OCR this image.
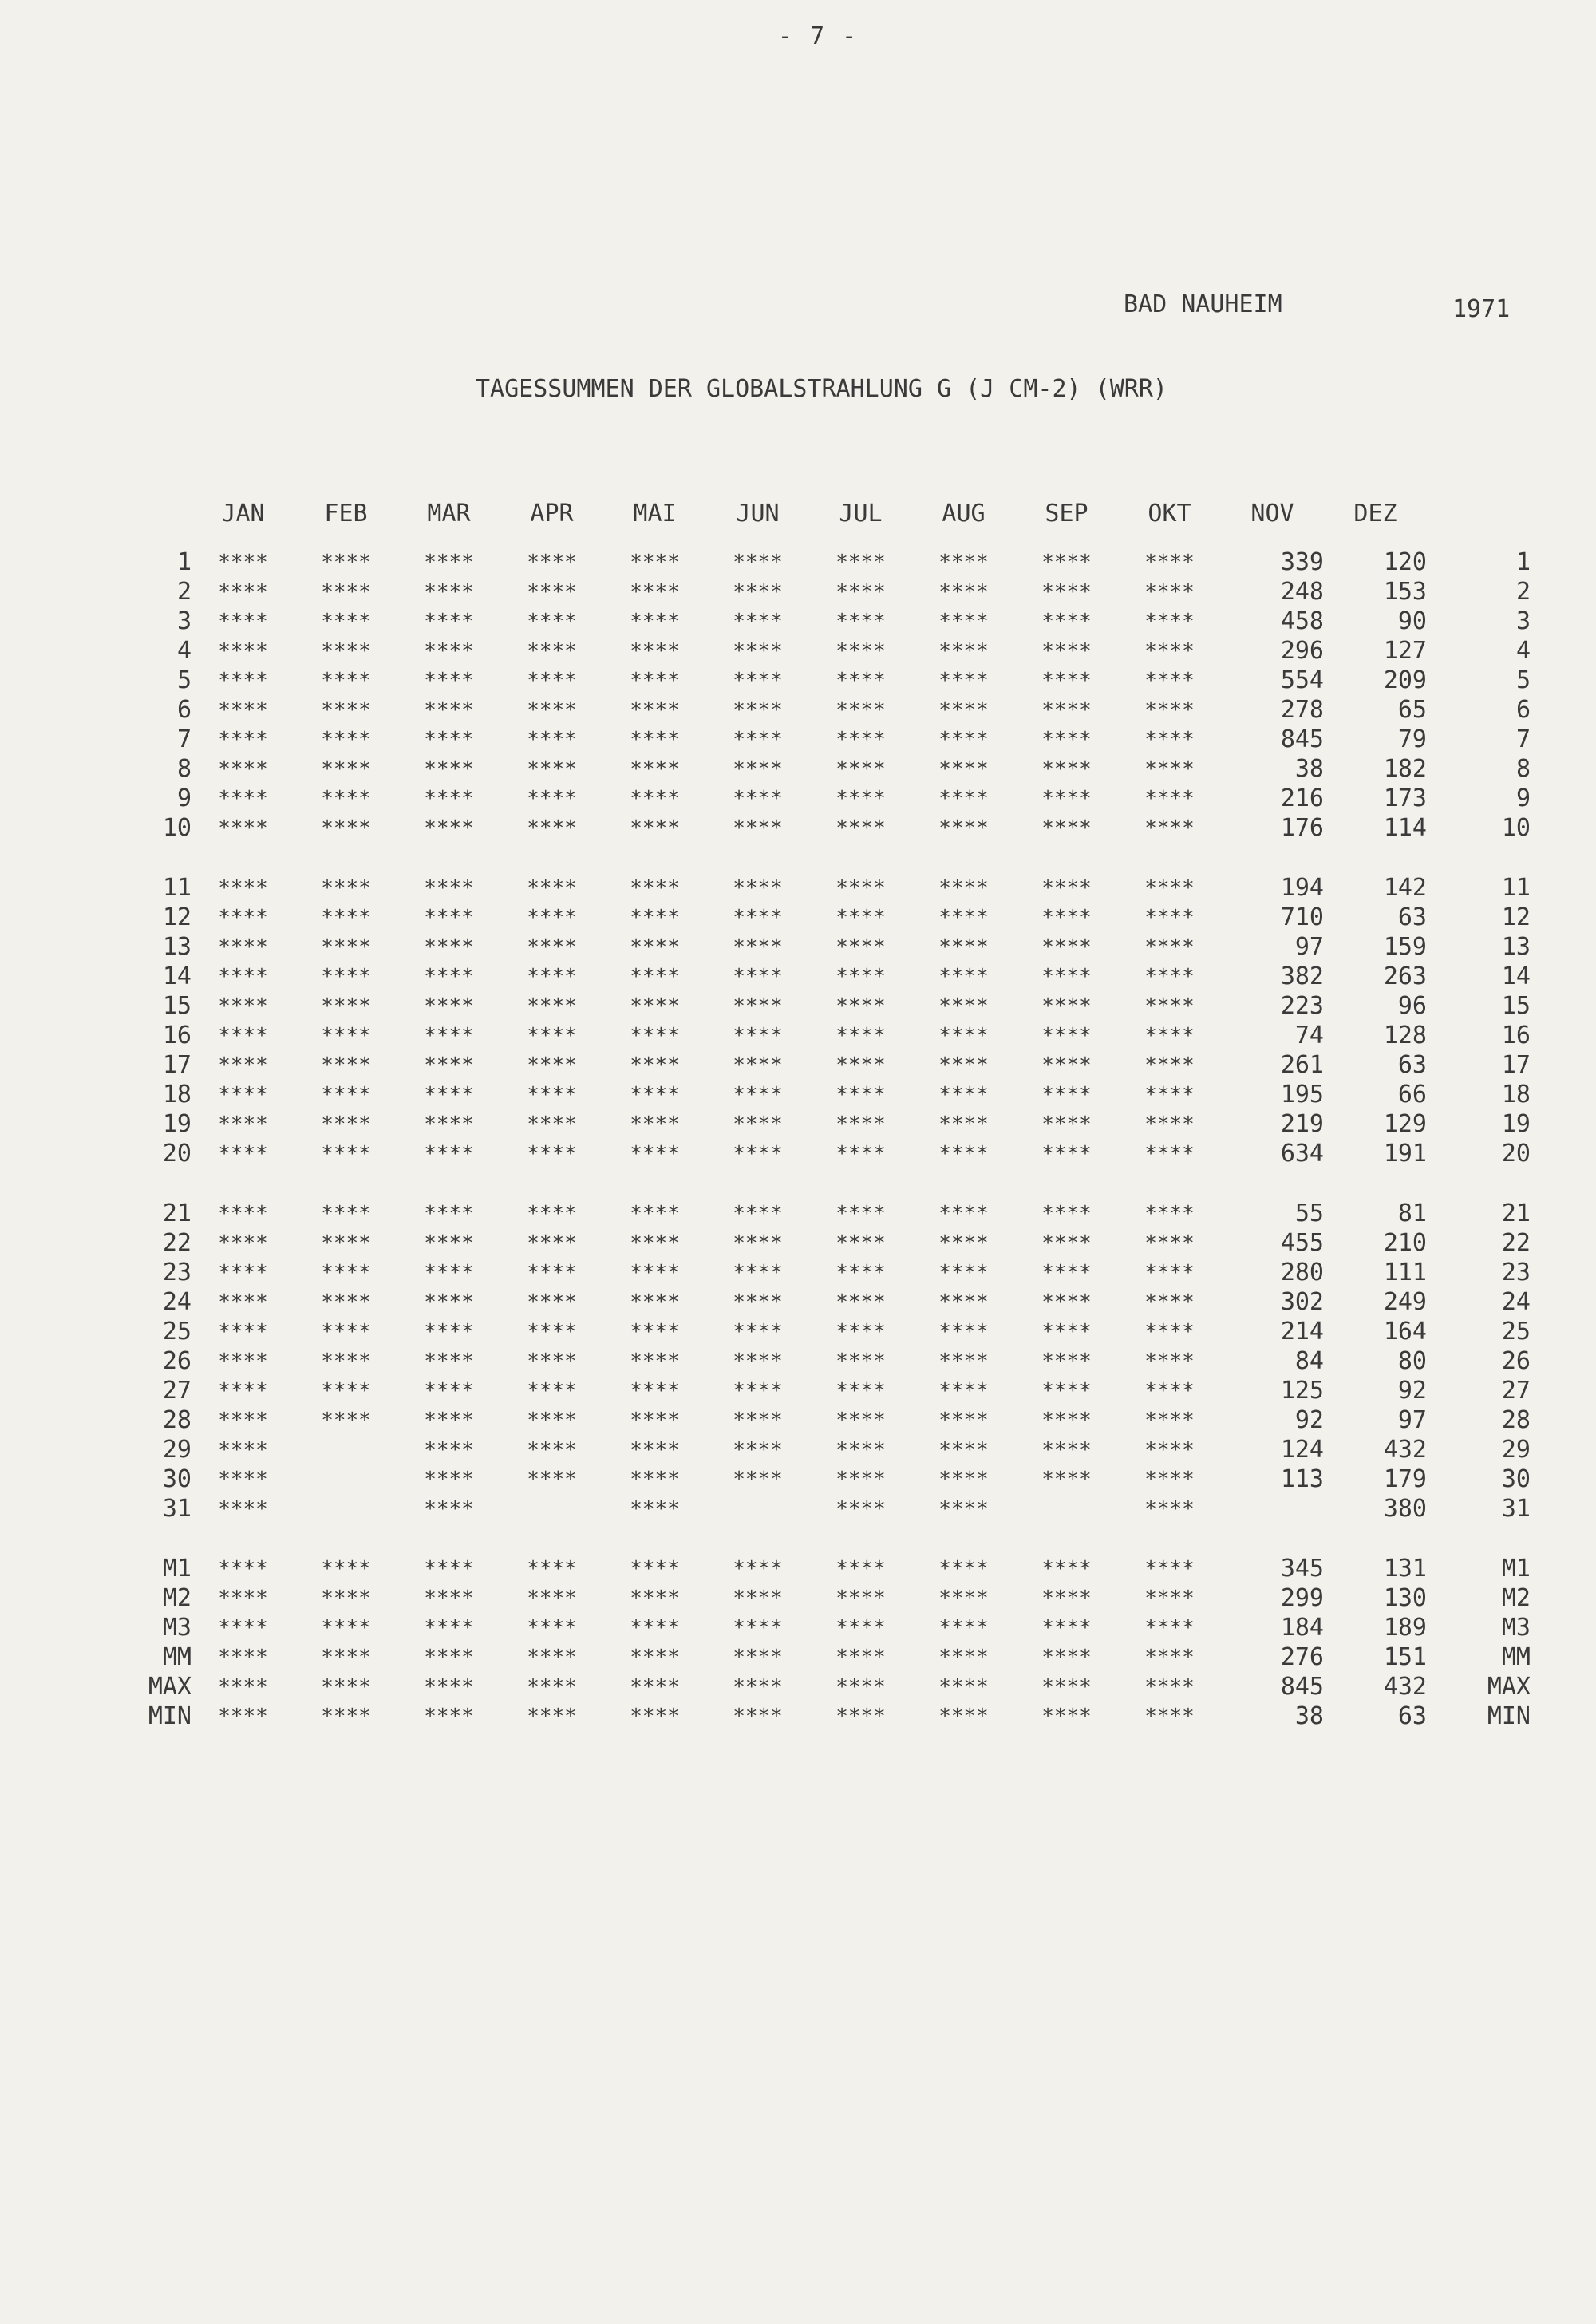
- 7 -
BAD NAUHEIM	1971
TAGESSUMMEN DER GLOBALSTRAHLUNG G (J CM-2) (WRR)
	JAN	FEB	MAR	APR	MAI	JUN	JUL	AUG	SEP	OKT	NOV	DEZ	
1	****	****	****	****	****	****	****	****	****	****	339	120	1
2	****	****	****	****	****	****	****	****	****	****	248	153	2
3	****	****	****	****	****	****	****	****	****	****	458	90	3
4	****	****	****	****	****	****	****	****	****	****	296	127	4
5	****	****	****	****	****	****	****	****	****	****	554	209	5
6	****	****	****	****	****	****	****	****	****	****	278	65	6
7	****	****	****	****	****	****	****	****	****	****	845	79	7
8	****	****	****	****	****	****	****	****	****	****	38	182	8
9	****	****	****	****	****	****	****	****	****	****	216	173	9
10	****	****	****	****	****	****	****	****	****	****	176	114	10

11	****	****	****	****	****	****	****	****	****	****	194	142	11
12	****	****	****	****	****	****	****	****	****	****	710	63	12
13	****	****	****	****	****	****	****	****	****	****	97	159	13
14	****	****	****	****	****	****	****	****	****	****	382	263	14
15	****	****	****	****	****	****	****	****	****	****	223	96	15
16	****	****	****	****	****	****	****	****	****	****	74	128	16
17	****	****	****	****	****	****	****	****	****	****	261	63	17
18	****	****	****	****	****	****	****	****	****	****	195	66	18
19	****	****	****	****	****	****	****	****	****	****	219	129	19
20	****	****	****	****	****	****	****	****	****	****	634	191	20

21	****	****	****	****	****	****	****	****	****	****	55	81	21
22	****	****	****	****	****	****	****	****	****	****	455	210	22
23	****	****	****	****	****	****	****	****	****	****	280	111	23
24	****	****	****	****	****	****	****	****	****	****	302	249	24
25	****	****	****	****	****	****	****	****	****	****	214	164	25
26	****	****	****	****	****	****	****	****	****	****	84	80	26
27	****	****	****	****	****	****	****	****	****	****	125	92	27
28	****	****	****	****	****	****	****	****	****	****	92	97	28
29	****		****	****	****	****	****	****	****	****	124	432	29
30	****		****	****	****	****	****	****	****	****	113	179	30
31	****		****		****		****	****		****		380	31

M1	****	****	****	****	****	****	****	****	****	****	345	131	M1
M2	****	****	****	****	****	****	****	****	****	****	299	130	M2
M3	****	****	****	****	****	****	****	****	****	****	184	189	M3
MM	****	****	****	****	****	****	****	****	****	****	276	151	MM
MAX	****	****	****	****	****	****	****	****	****	****	845	432	MAX
MIN	****	****	****	****	****	****	****	****	****	****	38	63	MIN
